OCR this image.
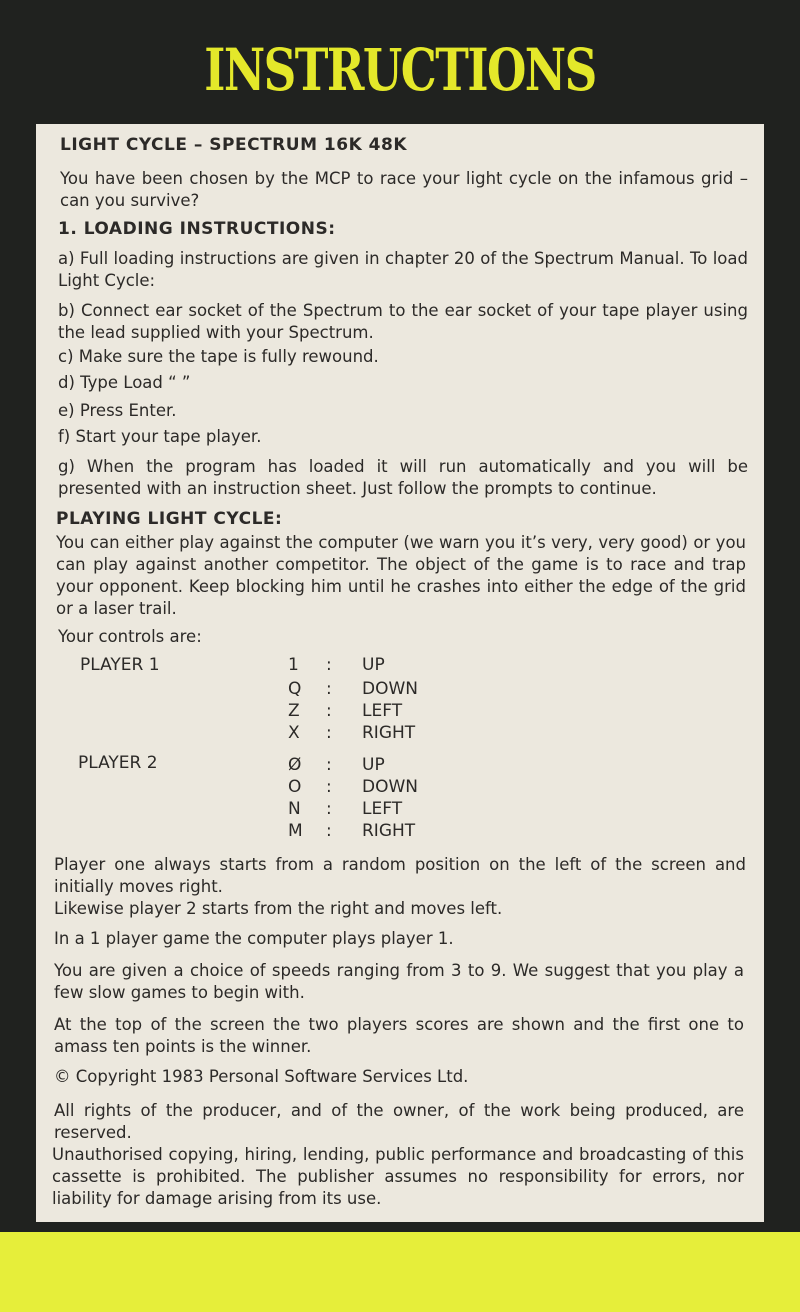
INSTRUCTIONS
LIGHT CYCLE – SPECTRUM 16K 48K
You have been chosen by the MCP to race your light cycle on the infamous grid – can you survive?
1. LOADING INSTRUCTIONS:
a) Full loading instructions are given in chapter 20 of the Spectrum Manual. To load Light Cycle:
b) Connect ear socket of the Spectrum to the ear socket of your tape player using the lead supplied with your Spectrum.
c) Make sure the tape is fully rewound.
d) Type Load “ ”
e) Press Enter.
f) Start your tape player.
g) When the program has loaded it will run automatically and you will be presented with an instruction sheet. Just follow the prompts to continue.
PLAYING LIGHT CYCLE:
You can either play against the computer (we warn you it’s very, very good) or you can play against another competitor. The object of the game is to race and trap your opponent. Keep blocking him until he crashes into either the edge of the grid or a laser trail.
Your controls are:
PLAYER 1	1 : UP
Q : DOWN
Z : LEFT
X : RIGHT
PLAYER 2	Ø : UP
O : DOWN
N : LEFT
M : RIGHT
Player one always starts from a random position on the left of the screen and initially moves right.
Likewise player 2 starts from the right and moves left.
In a 1 player game the computer plays player 1.
You are given a choice of speeds ranging from 3 to 9. We suggest that you play a few slow games to begin with.
At the top of the screen the two players scores are shown and the first one to amass ten points is the winner.
© Copyright 1983 Personal Software Services Ltd.
All rights of the producer, and of the owner, of the work being produced, are reserved.
Unauthorised copying, hiring, lending, public performance and broadcasting of this cassette is prohibited. The publisher assumes no responsibility for errors, nor liability for damage arising from its use.
